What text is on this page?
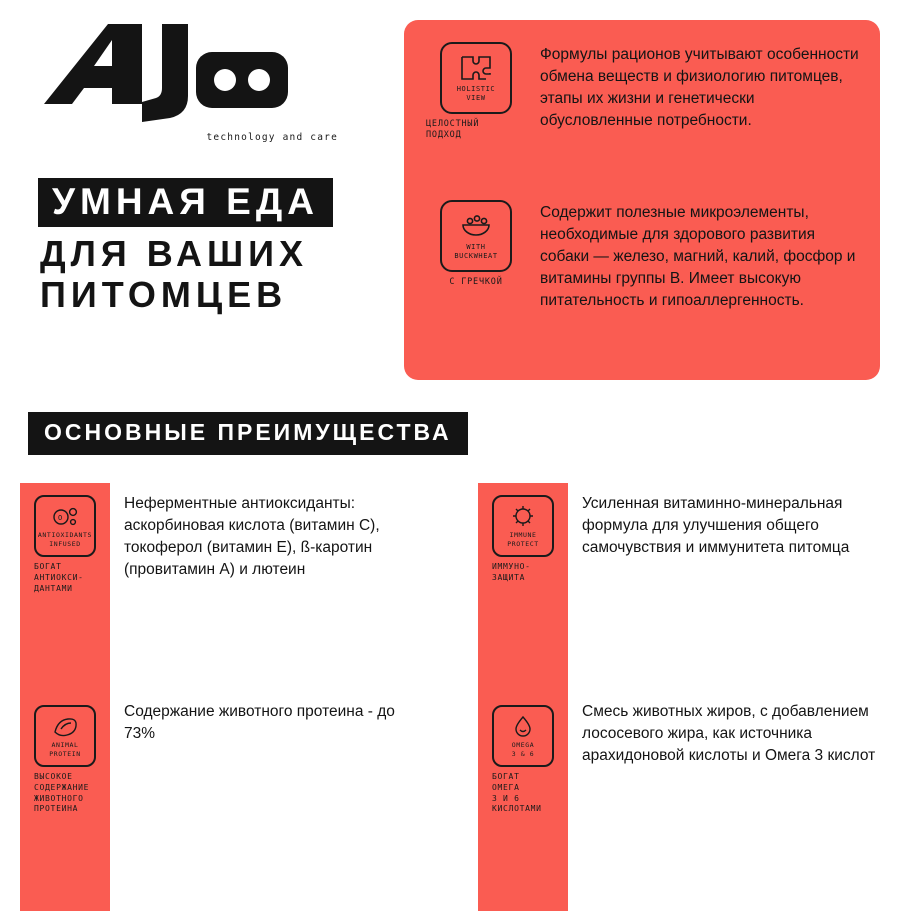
technology and care
УМНАЯ ЕДА
ДЛЯ ВАШИХ
ПИТОМЦЕВ
HOLISTIC
VIEW
ЦЕЛОСТНЫЙ
ПОДХОД
Формулы рационов учитывают особенности обмена веществ и физиологию питомцев, этапы их жизни и генетически обусловленные потребности.
WITH
BUCKWHEAT
С ГРЕЧКОЙ
Содержит полезные микроэлементы, необходимые для здорового развития собаки — железо, магний, калий, фосфор и витамины группы В. Имеет высокую питательность и гипоаллергенность.
ОСНОВНЫЕ ПРЕИМУЩЕСТВА
O
ANTIOXIDANTS
INFUSED
БОГАТ
АНТИОКСИ-
ДАНТАМИ
Неферментные антиоксиданты: аскорбиновая кислота (витамин С), токоферол (витамин Е), ß-каротин (провитамин А) и лютеин
ANIMAL
PROTEIN
ВЫСОКОЕ
СОДЕРЖАНИЕ
ЖИВОТНОГО
ПРОТЕИНА
Содержание животного протеина - до 73%
IMMUNE
PROTECT
ИММУНО-
ЗАЩИТА
Усиленная витаминно-минеральная формула для улучшения общего самочувствия и иммунитета питомца
OMEGA
3 & 6
БОГАТ
ОМЕГА
3 И 6
КИСЛОТАМИ
Смесь животных жиров, с добавлением лососевого жира, как источника арахидоновой кислоты и Омега 3 кислот
